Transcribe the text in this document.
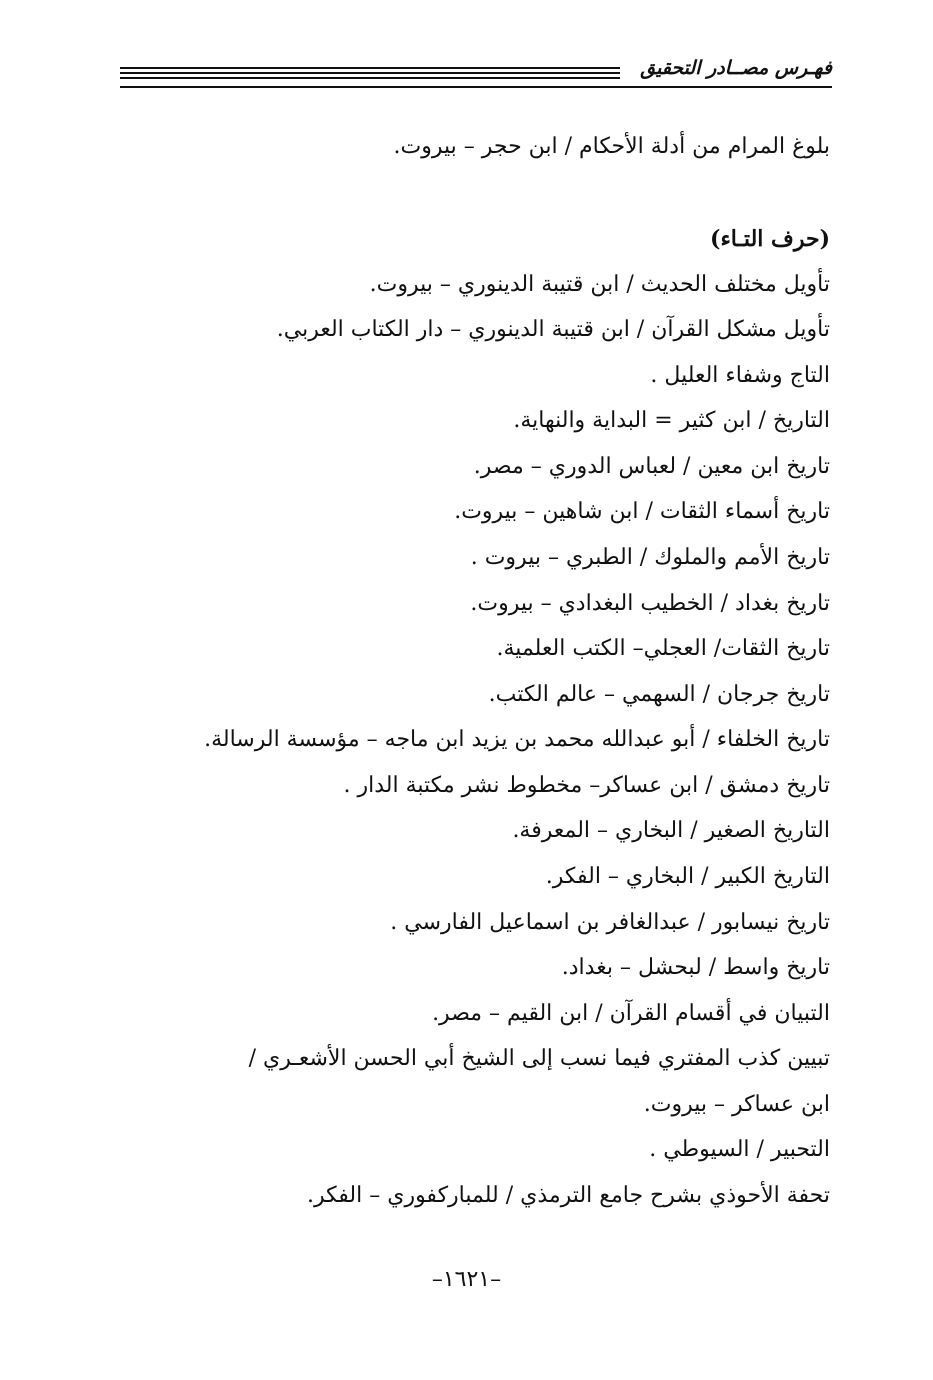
فهـرس مصــادر التحقيق
بلوغ المرام من أدلة الأحكام / ابن حجر – بيروت.
(حرف التـاء)
تأويل مختلف الحديث / ابن قتيبة الدينوري – بيروت.
تأويل مشكل القرآن / ابن قتيبة الدينوري – دار الكتاب العربي.
التاج وشفاء العليل .
التاريخ / ابن كثير = البداية والنهاية.
تاريخ ابن معين / لعباس الدوري – مصر.
تاريخ أسماء الثقات / ابن شاهين – بيروت.
تاريخ الأمم والملوك / الطبري – بيروت .
تاريخ بغداد / الخطيب البغدادي – بيروت.
تاريخ الثقات/ العجلي– الكتب العلمية.
تاريخ جرجان / السهمي – عالم الكتب.
تاريخ الخلفاء / أبو عبدالله محمد بن يزيد ابن ماجه – مؤسسة الرسالة.
تاريخ دمشق / ابن عساكر– مخطوط نشر مكتبة الدار .
التاريخ الصغير / البخاري – المعرفة.
التاريخ الكبير / البخاري – الفكر.
تاريخ نيسابور / عبدالغافر بن اسماعيل الفارسي .
تاريخ واسط / لبحشل – بغداد.
التبيان في أقسام القرآن / ابن القيم – مصر.
تبيين كذب المفتري فيما نسب إلى الشيخ أبي الحسن الأشعـري /
ابن عساكر – بيروت.
التحبير / السيوطي .
تحفة الأحوذي بشرح جامع الترمذي / للمباركفوري – الفكر.
–١٦٢١–
